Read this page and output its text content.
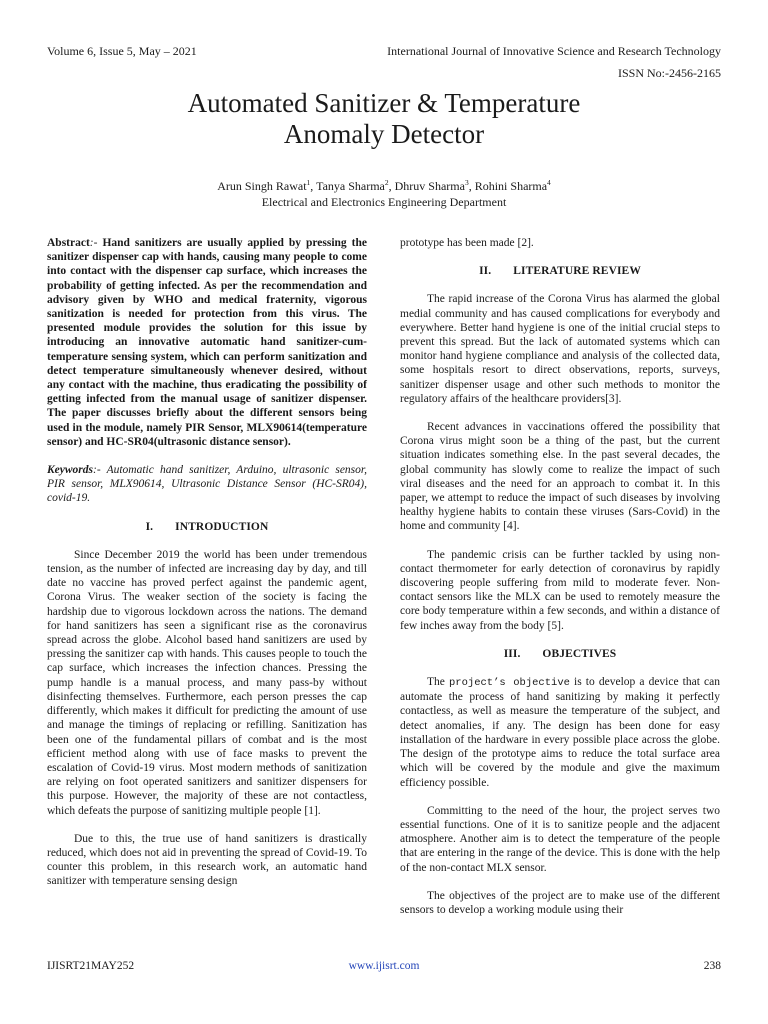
Volume 6, Issue 5, May – 2021	International Journal of Innovative Science and Research Technology
ISSN No:-2456-2165
Automated Sanitizer & Temperature
Anomaly Detector
Arun Singh Rawat$^1$, Tanya Sharma$^2$, Dhruv Sharma$^3$, Rohini Sharma$^4$
Electrical and Electronics Engineering Department

Abstract:- Hand sanitizers are usually applied by pressing the sanitizer dispenser cap with hands, causing many people to come into contact with the dispenser cap surface, which increases the probability of getting infected. As per the recommendation and advisory given by WHO and medical fraternity, vigorous sanitization is needed for protection from this virus. The presented module provides the solution for this issue by introducing an innovative automatic hand sanitizer-cum- temperature sensing system, which can perform sanitization and detect temperature simultaneously whenever desired, without any contact with the machine, thus eradicating the possibility of getting infected from the manual usage of sanitizer dispenser. The paper discusses briefly about the different sensors being used in the module, namely PIR Sensor, MLX90614(temperature sensor) and HC-SR04(ultrasonic distance sensor).

Keywords:- Automatic hand sanitizer, Arduino, ultrasonic sensor, PIR sensor, MLX90614, Ultrasonic Distance Sensor (HC-SR04), covid-19.

I. INTRODUCTION

Since December 2019 the world has been under tremendous tension, as the number of infected are increasing day by day, and till date no vaccine has proved perfect against the pandemic agent, Corona Virus. The weaker section of the society is facing the hardship due to vigorous lockdown across the nations. The demand for hand sanitizers has seen a significant rise as the coronavirus spread across the globe. Alcohol based hand sanitizers are used by pressing the sanitizer cap with hands. This causes people to touch the cap surface, which increases the infection chances. Pressing the pump handle is a manual process, and many pass-by without disinfecting themselves. Furthermore, each person presses the cap differently, which makes it difficult for predicting the amount of use and manage the timings of replacing or refilling. Sanitization has been one of the fundamental pillars of combat and is the most efficient method along with use of face masks to prevent the escalation of Covid-19 virus. Most modern methods of sanitization are relying on foot operated sanitizers and sanitizer dispensers for this purpose. However, the majority of these are not contactless, which defeats the purpose of sanitizing multiple people [1].

Due to this, the true use of hand sanitizers is drastically reduced, which does not aid in preventing the spread of Covid-19. To counter this problem, in this research work, an automatic hand sanitizer with temperature sensing design

prototype has been made [2].

II. LITERATURE REVIEW

The rapid increase of the Corona Virus has alarmed the global medial community and has caused complications for everybody and everywhere. Better hand hygiene is one of the initial crucial steps to prevent this spread. But the lack of automated systems which can monitor hand hygiene compliance and analysis of the collected data, some hospitals resort to direct observations, reports, surveys, sanitizer dispenser usage and other such methods to monitor the regulatory affairs of the healthcare providers[3].

Recent advances in vaccinations offered the possibility that Corona virus might soon be a thing of the past, but the current situation indicates something else. In the past several decades, the global community has slowly come to realize the impact of such viral diseases and the need for an approach to combat it. In this paper, we attempt to reduce the impact of such diseases by involving healthy hygiene habits to contain these viruses (Sars-Covid) in the home and community [4].

The pandemic crisis can be further tackled by using non- contact thermometer for early detection of coronavirus by rapidly discovering people suffering from mild to moderate fever. Non- contact sensors like the MLX can be used to remotely measure the core body temperature within a few seconds, and within a distance of few inches away from the body [5].

III. OBJECTIVES

The project’s objective is to develop a device that can automate the process of hand sanitizing by making it perfectly contactless, as well as measure the temperature of the subject, and detect anomalies, if any. The design has been done for easy installation of the hardware in every possible place across the globe. The design of the prototype aims to reduce the total surface area which will be covered by the module and give the maximum efficiency possible.

Committing to the need of the hour, the project serves two essential functions. One of it is to sanitize people and the adjacent atmosphere. Another aim is to detect the temperature of the people that are entering in the range of the device. This is done with the help of the non-contact MLX sensor.

The objectives of the project are to make use of the different sensors to develop a working module using their

IJISRT21MAY252	www.ijisrt.com	238
